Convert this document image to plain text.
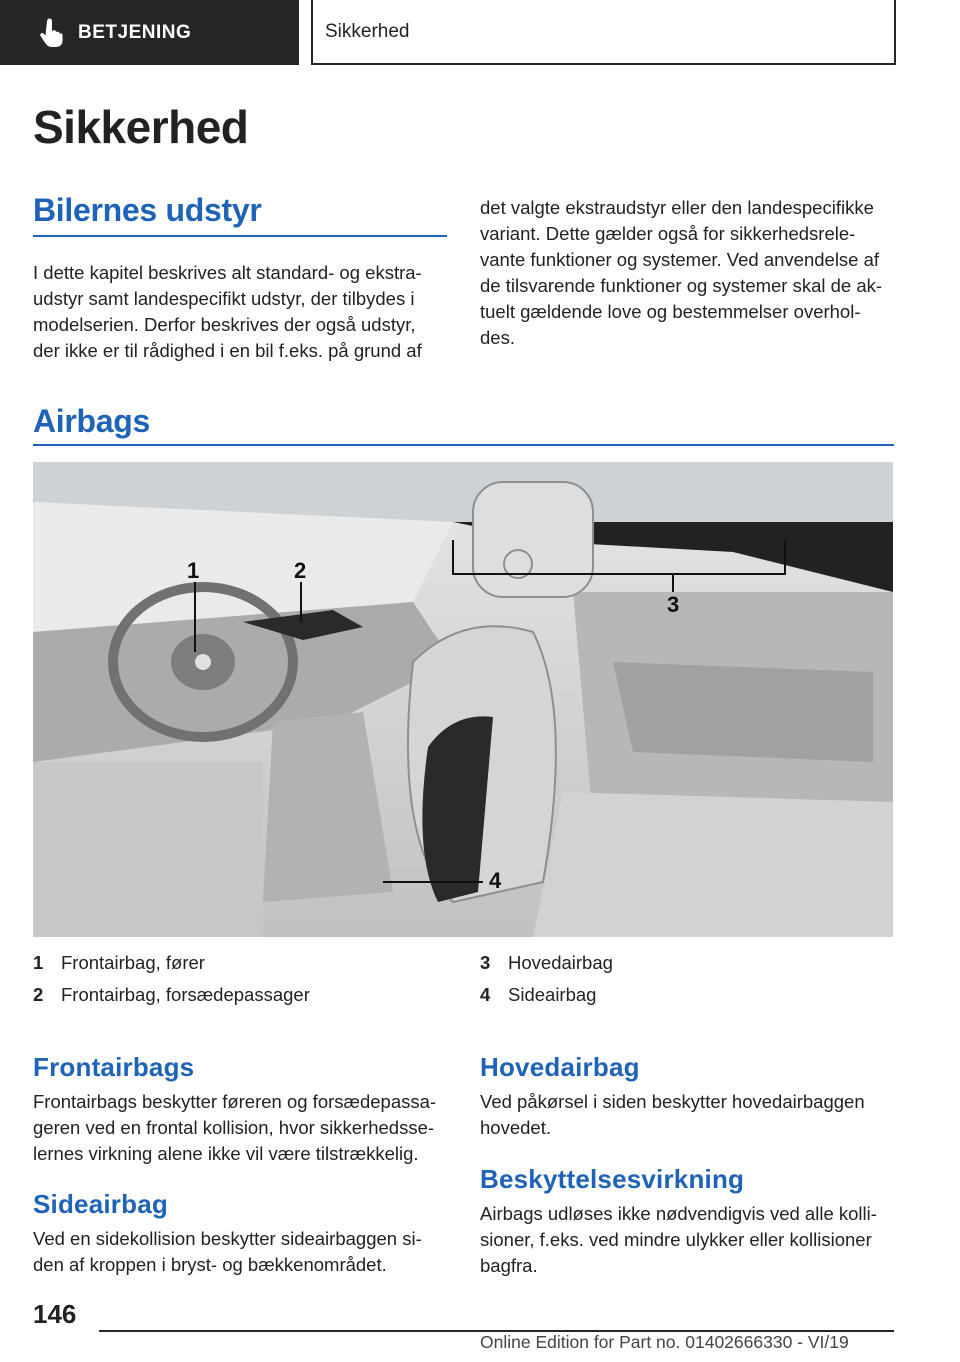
BETJENING	Sikkerhed
Sikkerhed
Bilernes udstyr
I dette kapitel beskrives alt standard- og ekstra-
udstyr samt landespecifikt udstyr, der tilbydes i
modelserien. Derfor beskrives der også udstyr,
der ikke er til rådighed i en bil f.eks. på grund af
det valgte ekstraudstyr eller den landespecifikke
variant. Dette gælder også for sikkerhedsrele-
vante funktioner og systemer. Ved anvendelse af
de tilsvarende funktioner og systemer skal de ak-
tuelt gældende love og bestemmelser overhol-
des.
Airbags
1	2
3
4
1 Frontairbag, fører
2 Frontairbag, forsædepassager
3 Hovedairbag
4 Sideairbag
Frontairbags
Frontairbags beskytter føreren og forsædepassa-
geren ved en frontal kollision, hvor sikkerhedsse-
lernes virkning alene ikke vil være tilstrækkelig.
Sideairbag
Ved en sidekollision beskytter sideairbaggen si-
den af kroppen i bryst- og bækkenområdet.
Hovedairbag
Ved påkørsel i siden beskytter hovedairbaggen
hovedet.
Beskyttelsesvirkning
Airbags udløses ikke nødvendigvis ved alle kolli-
sioner, f.eks. ved mindre ulykker eller kollisioner
bagfra.
146
Online Edition for Part no. 01402666330 - VI/19
